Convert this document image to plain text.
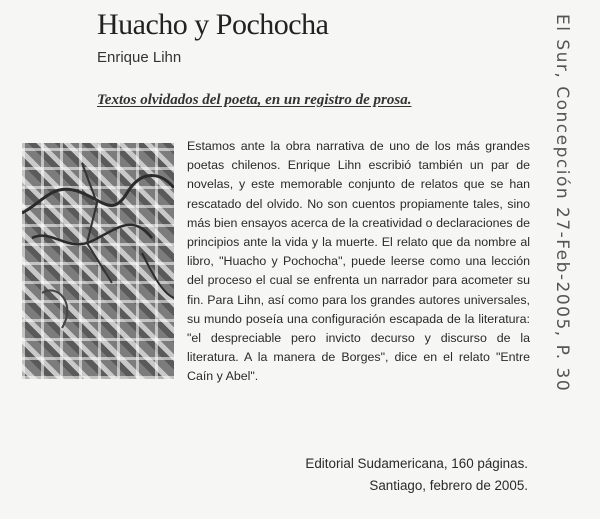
Huacho y Pochocha
Enrique Lihn
Textos olvidados del poeta, en un registro de prosa.

Estamos ante la obra narrativa de uno de los más grandes poetas chilenos. Enrique Lihn escribió también un par de novelas, y este memorable conjunto de relatos que se han rescatado del olvido. No son cuentos propiamente tales, sino más bien ensayos acerca de la creatividad o declaraciones de principios ante la vida y la muerte. El relato que da nombre al libro, "Huacho y Pochocha", puede leerse como una lección del proceso el cual se enfrenta un narrador para acometer su fin. Para Lihn, así como para los grandes autores universales, su mundo poseía una configuración escapada de la literatura: "el despreciable pero invicto decurso y discurso de la literatura. A la manera de Borges", dice en el relato "Entre Caín y Abel".

Editorial Sudamericana, 160 páginas.
Santiago, febrero de 2005.
El Sur, Concepción 27-Feb-2005, P. 30
